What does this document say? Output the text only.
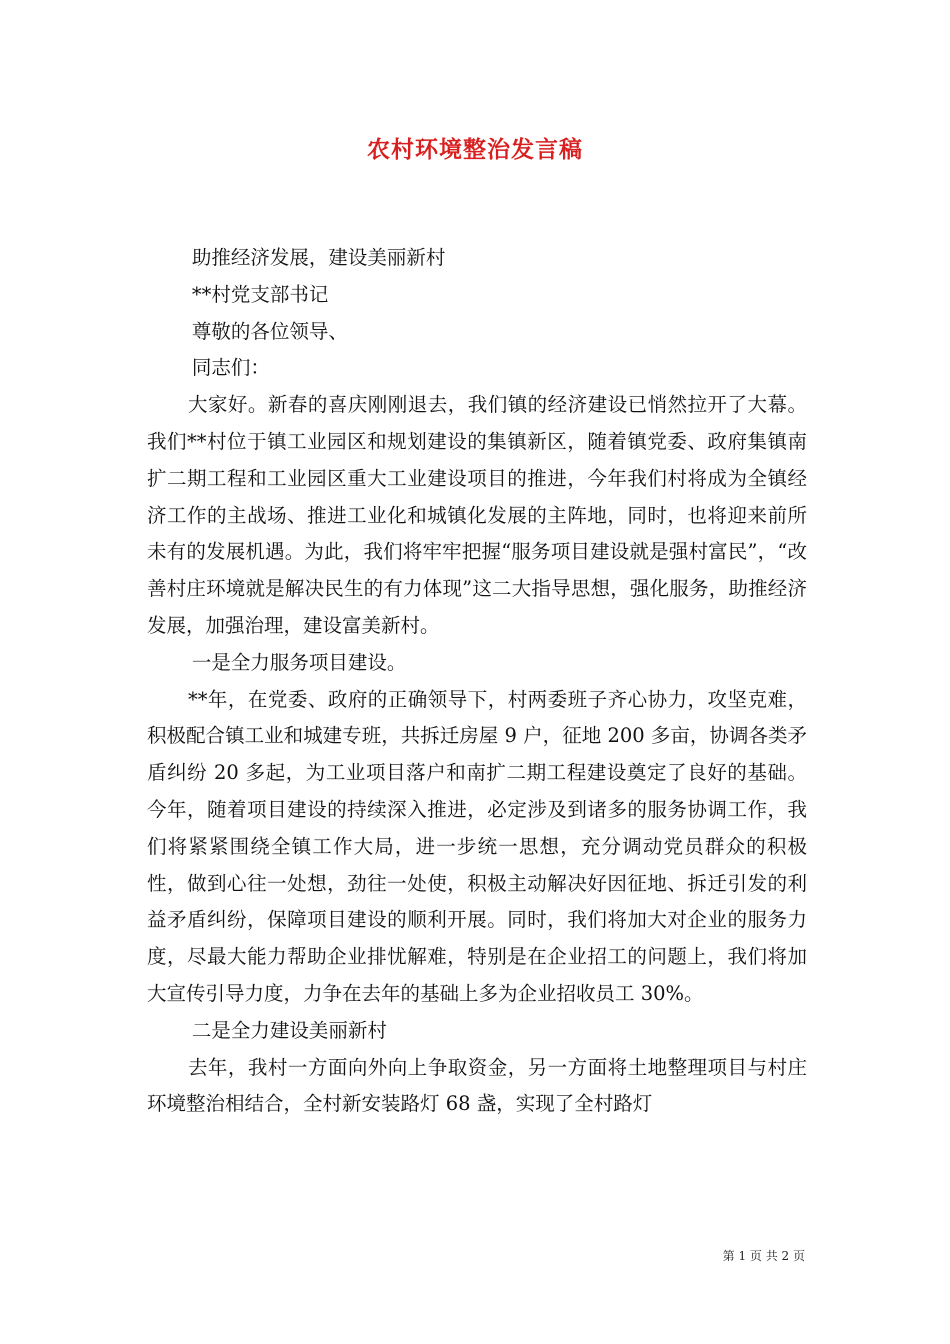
农村环境整治发言稿

助推经济发展，建设美丽新村

**村党支部书记

尊敬的各位领导、

同志们：

大家好。新春的喜庆刚刚退去，我们镇的经济建设已悄然拉开了大幕。我们**村位于镇工业园区和规划建设的集镇新区，随着镇党委、政府集镇南扩二期工程和工业园区重大工业建设项目的推进，今年我们村将成为全镇经济工作的主战场、推进工业化和城镇化发展的主阵地，同时，也将迎来前所未有的发展机遇。为此，我们将牢牢把握“服务项目建设就是强村富民”，“改善村庄环境就是解决民生的有力体现”这二大指导思想，强化服务，助推经济发展，加强治理，建设富美新村。

一是全力服务项目建设。

**年，在党委、政府的正确领导下，村两委班子齐心协力，攻坚克难，积极配合镇工业和城建专班，共拆迁房屋 9 户，征地 200 多亩，协调各类矛盾纠纷 20 多起，为工业项目落户和南扩二期工程建设奠定了良好的基础。今年，随着项目建设的持续深入推进，必定涉及到诸多的服务协调工作，我们将紧紧围绕全镇工作大局，进一步统一思想，充分调动党员群众的积极性，做到心往一处想，劲往一处使，积极主动解决好因征地、拆迁引发的利益矛盾纠纷，保障项目建设的顺利开展。同时，我们将加大对企业的服务力度，尽最大能力帮助企业排忧解难，特别是在企业招工的问题上，我们将加大宣传引导力度，力争在去年的基础上多为企业招收员工 30%。

二是全力建设美丽新村

去年，我村一方面向外向上争取资金，另一方面将土地整理项目与村庄环境整治相结合，全村新安装路灯 68 盏，实现了全村路灯

第 1 页 共 2 页
